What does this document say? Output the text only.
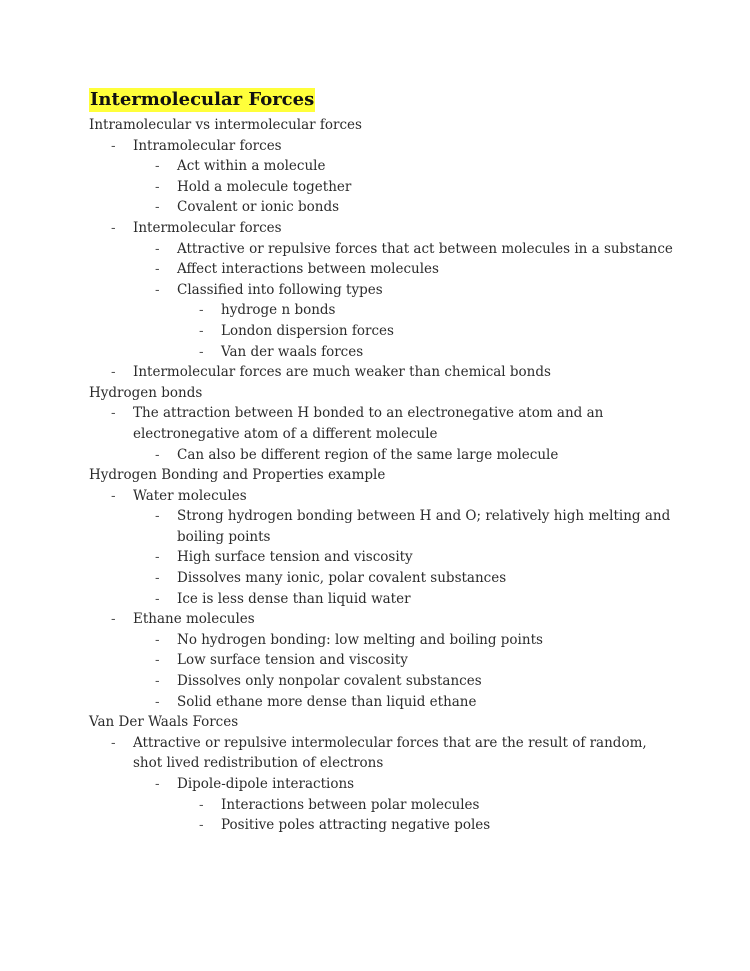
Intermolecular Forces
Intramolecular vs intermolecular forces
- Intramolecular forces
- Act within a molecule
- Hold a molecule together
- Covalent or ionic bonds
- Intermolecular forces
- Attractive or repulsive forces that act between molecules in a substance
- Affect interactions between molecules
- Classified into following types
- hydroge n bonds
- London dispersion forces
- Van der waals forces
- Intermolecular forces are much weaker than chemical bonds
Hydrogen bonds
- The attraction between H bonded to an electronegative atom and an electronegative atom of a different molecule
- Can also be different region of the same large molecule
Hydrogen Bonding and Properties example
- Water molecules
- Strong hydrogen bonding between H and O; relatively high melting and boiling points
- High surface tension and viscosity
- Dissolves many ionic, polar covalent substances
- Ice is less dense than liquid water
- Ethane molecules
- No hydrogen bonding: low melting and boiling points
- Low surface tension and viscosity
- Dissolves only nonpolar covalent substances
- Solid ethane more dense than liquid ethane
Van Der Waals Forces
- Attractive or repulsive intermolecular forces that are the result of random, shot lived redistribution of electrons
- Dipole-dipole interactions
- Interactions between polar molecules
- Positive poles attracting negative poles
